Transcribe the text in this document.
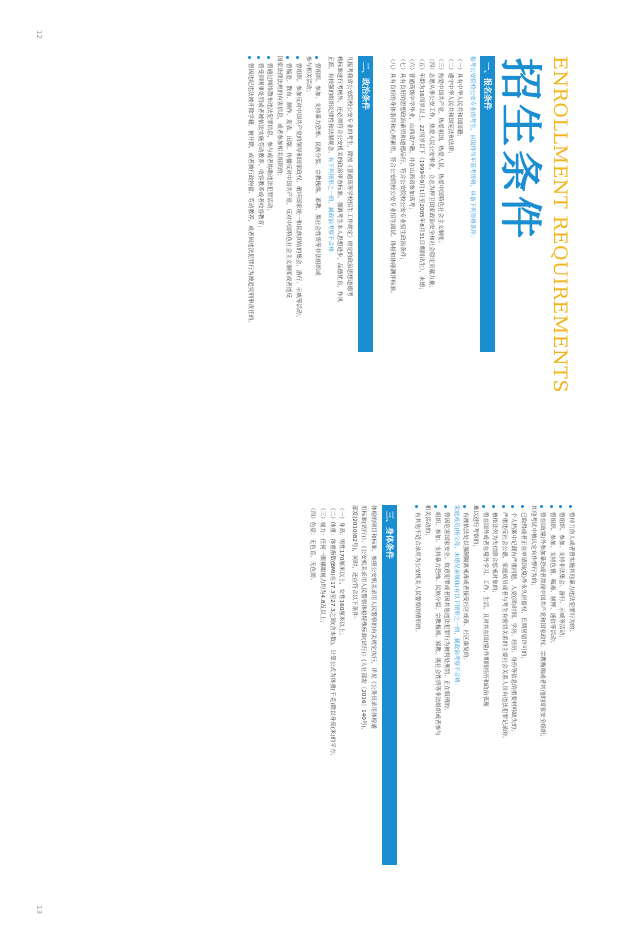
12
13
ENROLLMENT REQUIREMENTS
招生条件
一、报名条件

报考公安院校公安专业的考生，应取得当年高考资格，具备下列资格条件：

（一）具有中华人民共和国国籍；

（二）遵守中华人民共和国宪法和法律；

（三）热爱中国共产党，热爱祖国，热爱人民，热爱中国特色社会主义制度；

（四）志愿从事公安工作，热爱人民公安事业，立志为捍卫国家政治安全和社会稳定贡献力量；

（五）年龄为16周岁以上，22周岁以下（1999年9月1日至2005年8月31日期间出生），未婚；

（六）普通高级中学毕业，山西省户籍，并在山西省参加高考；

（七）具有良好的思想政治素质和道德品行，符合公安院校公安专业招生政治条件；

（八）具有良好的身体条件和心理素质，符合公安院校公安专业招生面试、体检和体能测评标准。

二、政治条件

凡报考我省公安院校公安专业的考生，除按《普通高等学校招生工作规定》规定的政治思想道德考

核标准进行考核外，还必须符合公安机关的政治审查标准。强调考生本人思想进步，品德优良，作风

正派。有较强的组织纪律性和法制观念。有下列情形之一的，属政治考察不合格：

曾组织、参加、支持暴力恐怖、民族分裂、宗教极端、邪教、黑社会性质等非法组织或

参与相关活动；

曾组织、参加反对中国共产党的领导和国家政权、破坏国家统一和民族团结的集会、游行、示威等活动；
曾编造、散布、制作、发表、出版、传播反对中国共产党、反对中国特色社会主义制度或者违反

国家法律法规的有害信息，或者参加相关组织的；

曾通过网络散布违法犯罪信息，参与或者协助违法犯罪活动；
曾受到刑事处罚或者被依法实施劳动教养、收容教养或者收容教育；
曾因违纪违法被开除学籍、被开除，或者被行政拘留、劳动教养，或者因违法犯罪行为被追究刑事责任的。
曾持刀伤人或者曾实施其他暴力违法犯罪行为的；
曾组织、参加、支持非法集会、游行、示威等活动；
曾组织、参加、支持色情、吸毒、赌博、迷信等活动；
曾在国(境)外参加暴恐或者敌视中国共产党和国家政权、宗教极端或者其他的国家安全组织；

其他考试中被认定有作弊行为的；

已取得或者正在申请国(境)外永久居留权、长期居留许可的；
个人档案中记载有严重问题，入党(团)时间、学历、经历、身份等信息的重要材料缺失的；
严重违反社会公德，家庭成员或者与考生有密切关系的主要社会关系人员有违法犯罪记录的；
被依法列为失信联合惩戒对象的；
曾在国外或者在境外学习、工作、生活，且对其在国(境)外期间经历和政治表现

难以进行考察的；

有被依法处以强制隔离戒毒或者接受社区戒毒、社区康复的；

家庭成员(指父母、未婚兄弟姐妹)有以下情形之一的，属政治考察不合格：

曾因危害国家安全、故意犯罪或者因其他违法犯罪行为被判处刑罚、正在服刑的；
组织、参加、支持暴力恐怖、民族分裂、宗教极端、邪教、黑社会性质等非法组织或者参与

相关活动的；

有其他不适合录用为公安机关人民警察的情形的。
三、身体条件

体检的项目和标准，参照公安机关录用人民警察的有关规定执行，详见《公务员录用体检通

用标准(试行)》、《公安机关录用人民警察体检特殊标准(试行)》(人社部发〔2016〕140号)、

部发(2010)82号)，同时，还应符合以下条件：

（一）身高：男性170厘米以上，女性160厘米以上；

（二）体重：体重指数(BMI)在17.3至27.3之间(含本数)，计算公式为体重(千克)除以身高(米)的平方；

（三）视力：任何一眼裸眼视力均为4.8及以上；

（四）色觉：无色盲，无色弱。
